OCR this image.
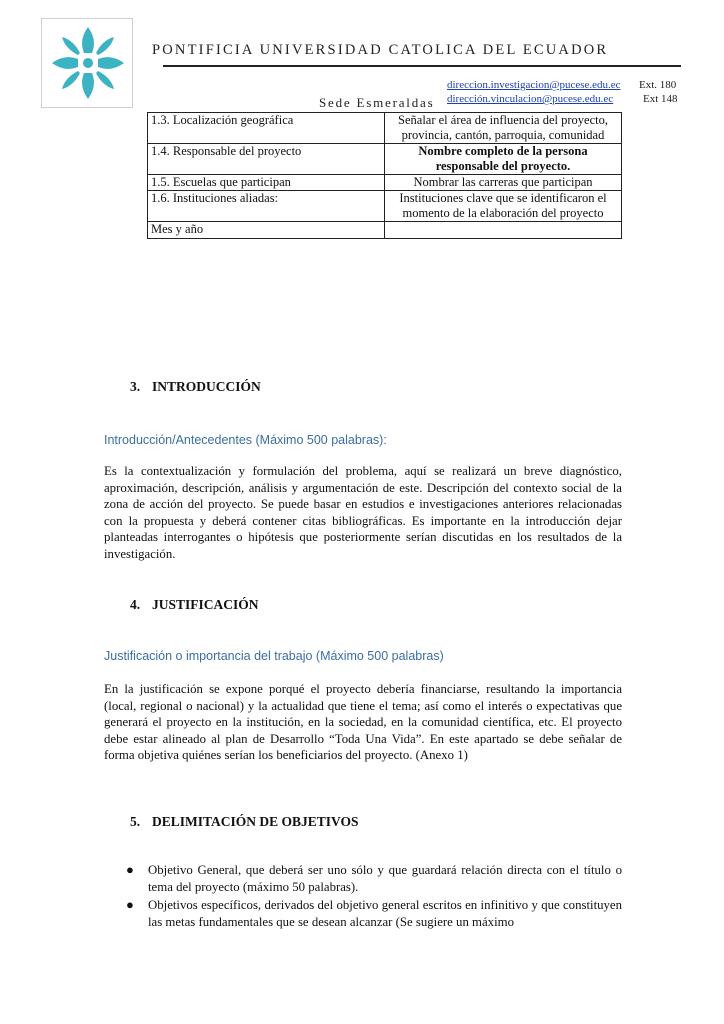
PONTIFICIA UNIVERSIDAD CATOLICA DEL ECUADOR
direccion.investigacion@pucese.edu.ec Ext. 180
dirección.vinculacion@pucese.edu.ec	Ext 148
Sede Esmeraldas
1.3. Localización geográfica	Señalar el área de influencia del proyecto, provincia, cantón, parroquia, comunidad
1.4. Responsable del proyecto	Nombre completo de la persona responsable del proyecto.
1.5. Escuelas que participan	Nombrar las carreras que participan
1.6. Instituciones aliadas:	Instituciones clave que se identificaron el momento de la elaboración del proyecto
Mes y año	
3. INTRODUCCIÓN
Introducción/Antecedentes (Máximo 500 palabras):
Es la contextualización y formulación del problema, aquí se realizará un breve diagnóstico, aproximación, descripción, análisis y argumentación de este. Descripción del contexto social de la zona de acción del proyecto. Se puede basar en estudios e investigaciones anteriores relacionadas con la propuesta y deberá contener citas bibliográficas. Es importante en la introducción dejar planteadas interrogantes o hipótesis que posteriormente serían discutidas en los resultados de la investigación.
4. JUSTIFICACIÓN
Justificación o importancia del trabajo (Máximo 500 palabras)
En la justificación se expone porqué el proyecto debería financiarse, resultando la importancia (local, regional o nacional) y la actualidad que tiene el tema; así como el interés o expectativas que generará el proyecto en la institución, en la sociedad, en la comunidad científica, etc. El proyecto debe estar alineado al plan de Desarrollo “Toda Una Vida”. En este apartado se debe señalar de forma objetiva quiénes serían los beneficiarios del proyecto. (Anexo 1)
5. DELIMITACIÓN DE OBJETIVOS
● Objetivo General, que deberá ser uno sólo y que guardará relación directa con el título o tema del proyecto (máximo 50 palabras).
● Objetivos específicos, derivados del objetivo general escritos en infinitivo y que constituyen las metas fundamentales que se desean alcanzar (Se sugiere un máximo
